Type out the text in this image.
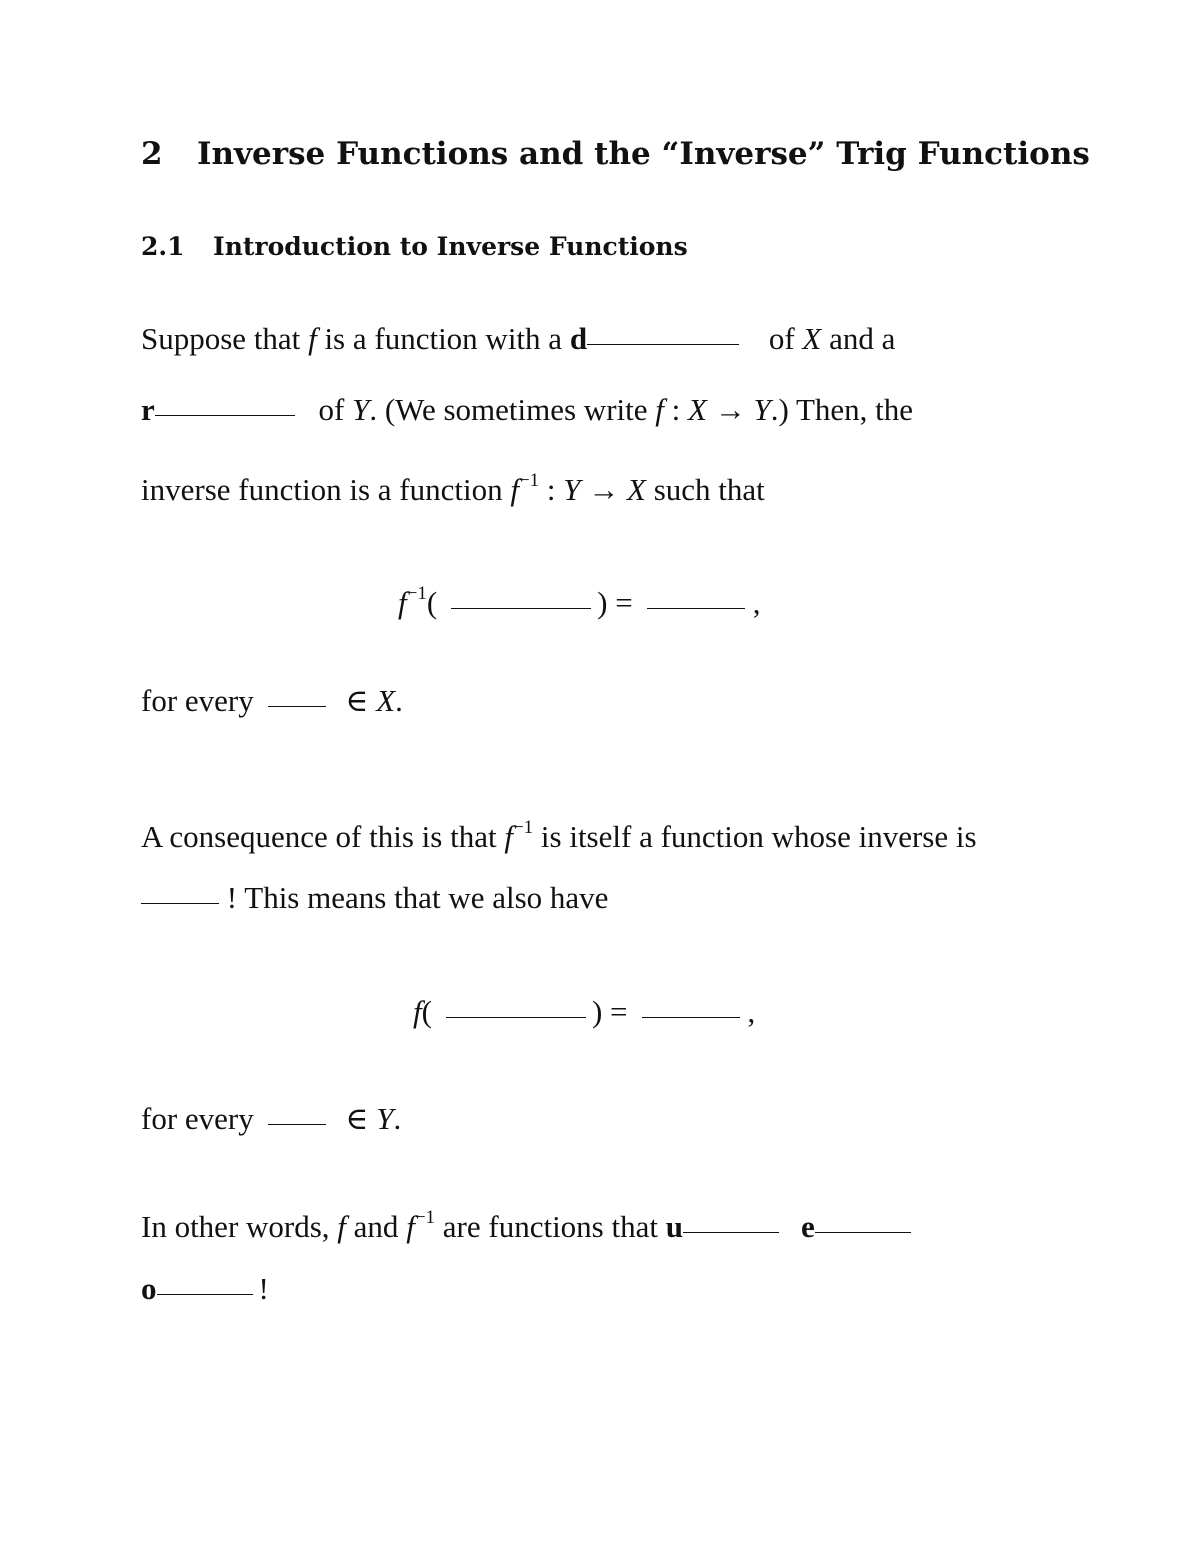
2 Inverse Functions and the “Inverse” Trig Functions
2.1 Introduction to Inverse Functions
Suppose that f is a function with a d	of X and a
r	of Y. (We sometimes write f : X → Y.) Then, the
inverse function is a function $f^{-1}$ : Y → X such that
$f^{-1}$(	) =	,
for every	∈ X.
A consequence of this is that $f^{-1}$ is itself a function whose inverse is
! This means that we also have
f(	) =	,
for every	∈ Y.
In other words, f and $f^{-1}$ are functions that u	e
o	!
